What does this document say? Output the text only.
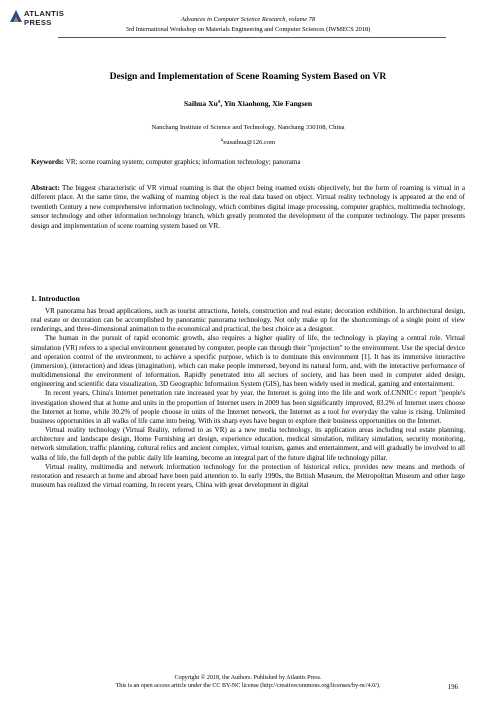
ATLANTIS
PRESS	Advances in Computer Science Research, volume 78
3rd International Workshop on Materials Engineering and Computer Sciences (IWMECS 2018)
Design and Implementation of Scene Roaming System Based on VR
Saihua Xu$^a$, Yin Xiaohong, Xie Fangsen
Nanchang Institute of Science and Technology, Nanchang 330108, China
$^a$xusaihua@126.com
Keywords: VR; scene roaming system; computer graphics; information technology; panorama
Abstract: The biggest characteristic of VR virtual roaming is that the object being roamed exists objectively, but the form of roaming is virtual in a different place. At the same time, the walking of roaming object is the real data based on object. Virtual reality technology is appeared at the end of twentieth Century a new comprehensive information technology, which combines digital image processing, computer graphics, multimedia technology, sensor technology and other information technology branch, which greatly promoted the development of the computer technology. The paper presents design and implementation of scene roaming system based on VR.
1. Introduction

VR panorama has broad applications, such as tourist attractions, hotels, construction and real estate; decoration exhibition. In architectural design, real estate or decoration can be accomplished by panoramic panorama technology. Not only make up for the shortcomings of a single point of view renderings, and three-dimensional animation to the economical and practical, the best choice as a designer.

The human in the pursuit of rapid economic growth, also requires a higher quality of life, the technology is playing a central role. Virtual simulation (VR) refers to a special environment generated by computer, people can through their "projection" to the environment. Use the special device and operation control of the environment, to achieve a specific purpose, which is to dominate this environment [1]. It has its immersive interactive (immersion), (interaction) and ideas (imagination), which can make people immersed, beyond its natural form, and, with the interactive performance of multidimensional the environment of information. Rapidly penetrated into all sectors of society, and has been used in computer aided design, engineering and scientific data visualization, 3D Geographic Information System (GIS), has been widely used in medical, gaming and entertainment.

In recent years, China's Internet penetration rate increased year by year, the Internet is going into the life and work of.CNNIC< report "people's investigation showed that at home and units in the proportion of Internet users in 2009 has been significantly improved, 83.2% of Internet users choose the Internet at home, while 30.2% of people choose in units of the Internet network, the Internet as a tool for everyday the value is rising. Unlimited business opportunities in all walks of life came into being. With its sharp eyes have begun to explore their business opportunities on the Internet.

Virtual reality technology (Virtual Reality, referred to as VR) as a new media technology, its application areas including real estate planning, architecture and landscape design, Home Furnishing art design, experience education, medical simulation, military simulation, security monitoring, network simulation, traffic planning, cultural relics and ancient complex, virtual tourism, games and entertainment, and will gradually be involved to all walks of life, the full depth of the public daily life learning, become an integral part of the future digital life technology pillar.

Virtual reality, multimedia and network information technology for the protection of historical relics, provides new means and methods of restoration and research at home and abroad have been paid attention to. In early 1990s, the British Museum, the Metropolitan Museum and other large museum has realized the virtual roaming. In recent years, China with great development in digital

Copyright © 2018, the Authors. Published by Atlantis Press.
This is an open access article under the CC BY-NC license (http://creativecommons.org/licenses/by-nc/4.0/).	196
